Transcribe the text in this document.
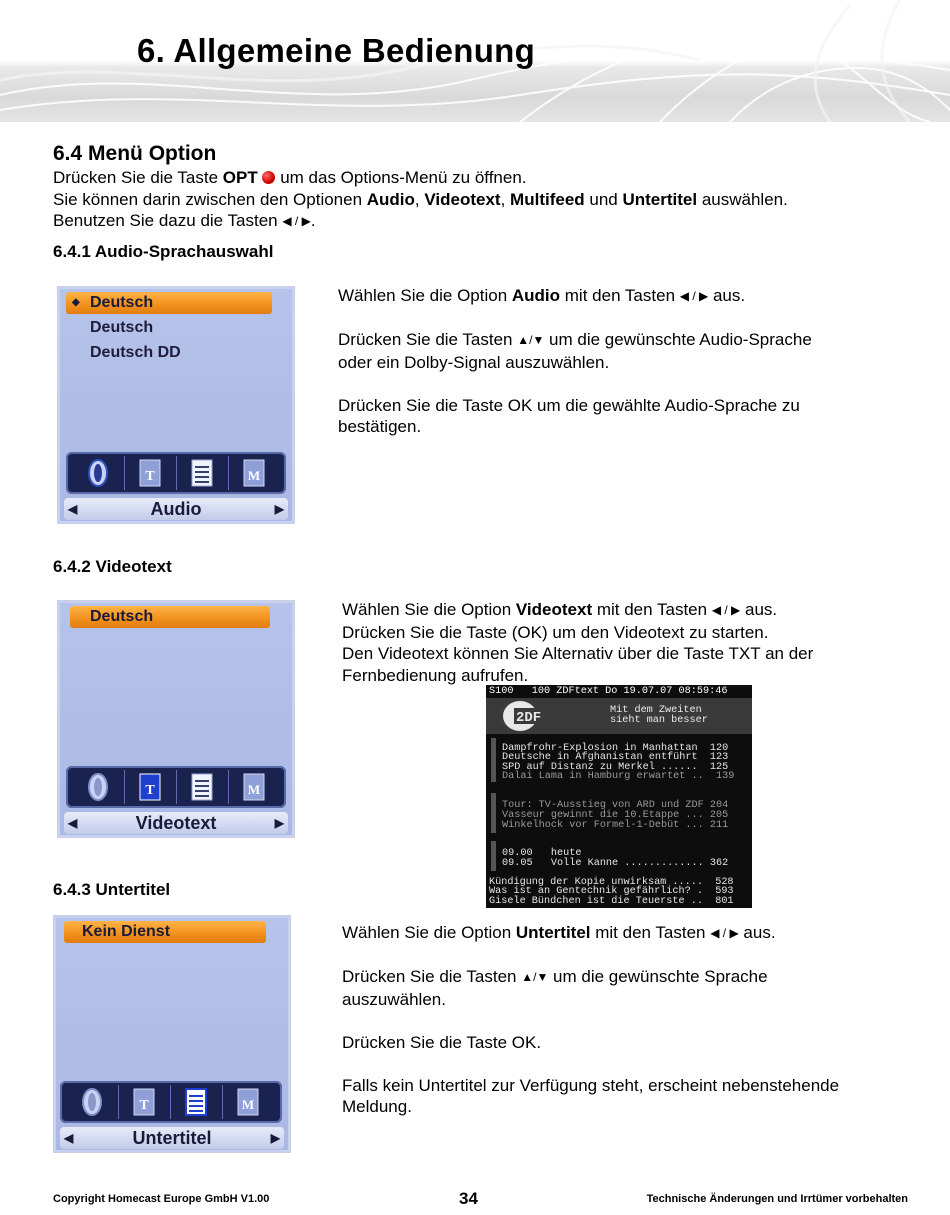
6. Allgemeine Bedienung
6.4 Menü Option
Drücken Sie die Taste OPT  um das Options-Menü zu öffnen.
Sie können darin zwischen den Optionen Audio, Videotext, Multifeed und Untertitel auswählen.
Benutzen Sie dazu die Tasten ◀ / ▶.
6.4.1 Audio-Sprachauswahl
◆ Deutsch
Deutsch
Deutsch DD
T	M
◀	Audio	▶
Wählen Sie die Option Audio mit den Tasten ◀ / ▶ aus.
Drücken Sie die Tasten ▲/▼ um die gewünschte Audio-Sprache
oder ein Dolby-Signal auszuwählen.
Drücken Sie die Taste OK um die gewählte Audio-Sprache zu
bestätigen.
6.4.2 Videotext
Deutsch
T	M
◀	Videotext	▶
Wählen Sie die Option Videotext mit den Tasten ◀ / ▶ aus.
Drücken Sie die Taste (OK) um den Videotext zu starten.
Den Videotext können Sie Alternativ über die Taste TXT an der
Fernbedienung aufrufen.
S100   100 ZDFtext Do 19.07.07 08:59:46
2DF	Mit dem Zweiten
sieht man besser
Dampfrohr-Explosion in Manhattan  120
Deutsche in Afghanistan entführt  123
SPD auf Distanz zu Merkel ......  125
Dalai Lama in Hamburg erwartet ..  139
Tour: TV-Ausstieg von ARD und ZDF 204
Vasseur gewinnt die 10.Etappe ... 205
Winkelhock vor Formel-1-Debüt ... 211
09.00   heute
09.05   Volle Kanne ............. 362
Kündigung der Kopie unwirksam .....  528
Was ist an Gentechnik gefährlich? .  593
Gisele Bündchen ist die Teuerste ..  801
6.4.3 Untertitel
Kein Dienst
T	M
◀	Untertitel	▶
Wählen Sie die Option Untertitel mit den Tasten ◀ / ▶ aus.
Drücken Sie die Tasten ▲/▼ um die gewünschte Sprache
auszuwählen.
Drücken Sie die Taste OK.
Falls kein Untertitel zur Verfügung steht, erscheint nebenstehende
Meldung.
Copyright Homecast Europe GmbH V1.00	34	Technische Änderungen und Irrtümer vorbehalten
